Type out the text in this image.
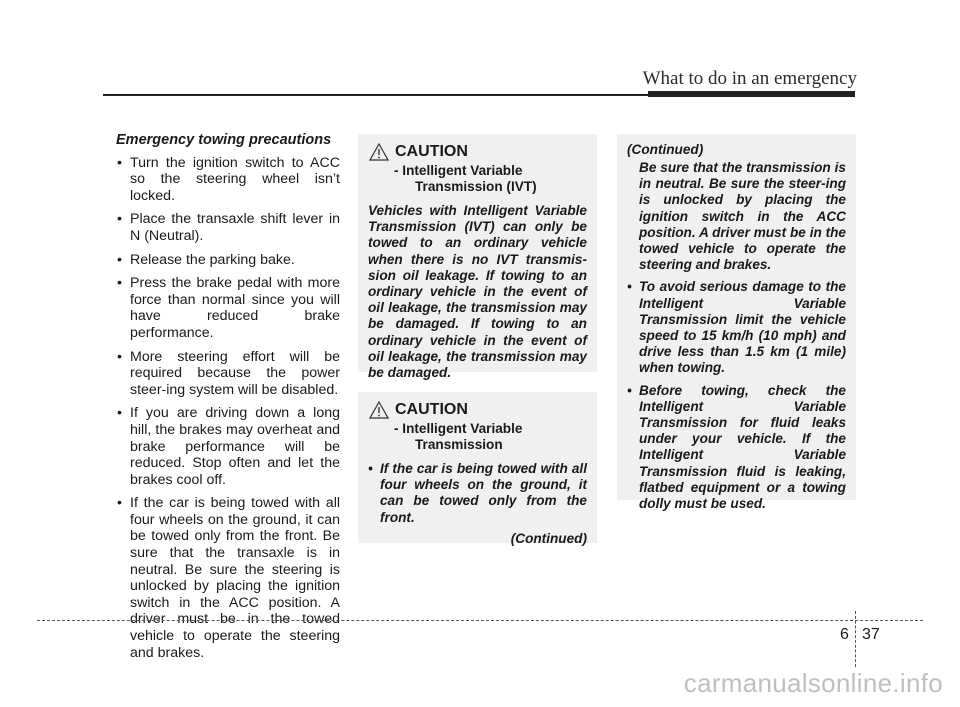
What to do in an emergency
Emergency towing precautions
• Turn the ignition switch to ACC so the steering wheel isn’t locked.
• Place the transaxle shift lever in N (Neutral).
• Release the parking bake.
• Press the brake pedal with more force than normal since you will have reduced brake performance.
• More steering effort will be required because the power steer-ing system will be disabled.
• If you are driving down a long hill, the brakes may overheat and brake performance will be reduced. Stop often and let the brakes cool off.
• If the car is being towed with all four wheels on the ground, it can be towed only from the front. Be sure that the transaxle is in neutral. Be sure the steering is unlocked by placing the ignition switch in the ACC position. A driver must be in the towed vehicle to operate the steering and brakes.
CAUTION
- Intelligent Variable
Transmission (IVT)
Vehicles with Intelligent Variable Transmission (IVT) can only be towed to an ordinary vehicle when there is no IVT transmis-sion oil leakage. If towing to an ordinary vehicle in the event of oil leakage, the transmission may be damaged. If towing to an ordinary vehicle in the event of oil leakage, the transmission may be damaged.
CAUTION
- Intelligent Variable
Transmission
• If the car is being towed with all four wheels on the ground, it can be towed only from the front.
(Continued)
(Continued)
Be sure that the transmission is in neutral. Be sure the steer-ing is unlocked by placing the ignition switch in the ACC position. A driver must be in the towed vehicle to operate the steering and brakes.
• To avoid serious damage to the Intelligent Variable Transmission limit the vehicle speed to 15 km/h (10 mph) and drive less than 1.5 km (1 mile) when towing.
• Before towing, check the Intelligent Variable Transmission for fluid leaks under your vehicle. If the Intelligent Variable Transmission fluid is leaking, flatbed equipment or a towing dolly must be used.
6 37
carmanualsonline.info
